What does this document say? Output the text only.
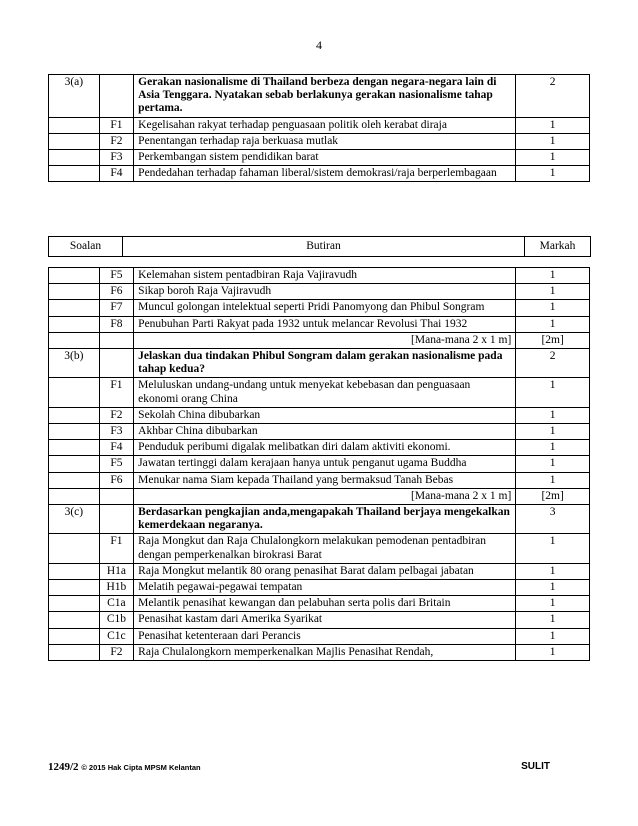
4
3(a)		Gerakan nasionalisme di Thailand berbeza dengan negara-negara lain di Asia Tenggara. Nyatakan sebab berlakunya gerakan nasionalisme tahap pertama.	2
	F1	Kegelisahan rakyat terhadap penguasaan politik oleh kerabat diraja	1
	F2	Penentangan terhadap raja berkuasa mutlak	1
	F3	Perkembangan sistem pendidikan barat	1
	F4	Pendedahan terhadap fahaman liberal/sistem demokrasi/raja berperlembagaan	1
Soalan	Butiran	Markah
	F5	Kelemahan sistem pentadbiran Raja Vajiravudh	1
	F6	Sikap boroh Raja Vajiravudh	1
	F7	Muncul golongan intelektual seperti Pridi Panomyong dan Phibul Songram	1
	F8	Penubuhan Parti Rakyat pada 1932 untuk melancar Revolusi Thai 1932	1
		[Mana-mana 2 x 1 m]	[2m]
3(b)		Jelaskan dua tindakan Phibul Songram dalam gerakan nasionalisme pada tahap kedua?	2
	F1	Meluluskan undang-undang untuk menyekat kebebasan dan penguasaan ekonomi orang China	1
	F2	Sekolah China dibubarkan	1
	F3	Akhbar China dibubarkan	1
	F4	Penduduk peribumi digalak melibatkan diri dalam aktiviti ekonomi.	1
	F5	Jawatan tertinggi dalam kerajaan hanya untuk penganut ugama Buddha	1
	F6	Menukar nama Siam kepada Thailand yang bermaksud Tanah Bebas	1
		[Mana-mana 2 x 1 m]	[2m]
3(c)		Berdasarkan pengkajian anda,mengapakah Thailand berjaya mengekalkan kemerdekaan negaranya.	3
	F1	Raja Mongkut dan Raja Chulalongkorn melakukan pemodenan pentadbiran dengan pemperkenalkan birokrasi Barat	1
	H1a	Raja Mongkut melantik 80 orang penasihat Barat dalam pelbagai jabatan	1
	H1b	Melatih pegawai-pegawai tempatan	1
	C1a	Melantik penasihat kewangan dan pelabuhan serta polis dari Britain	1
	C1b	Penasihat kastam dari Amerika Syarikat	1
	C1c	Penasihat ketenteraan dari Perancis	1
	F2	Raja Chulalongkorn memperkenalkan Majlis Penasihat Rendah,	1
1249/2 © 2015 Hak Cipta MPSM Kelantan	SULIT
